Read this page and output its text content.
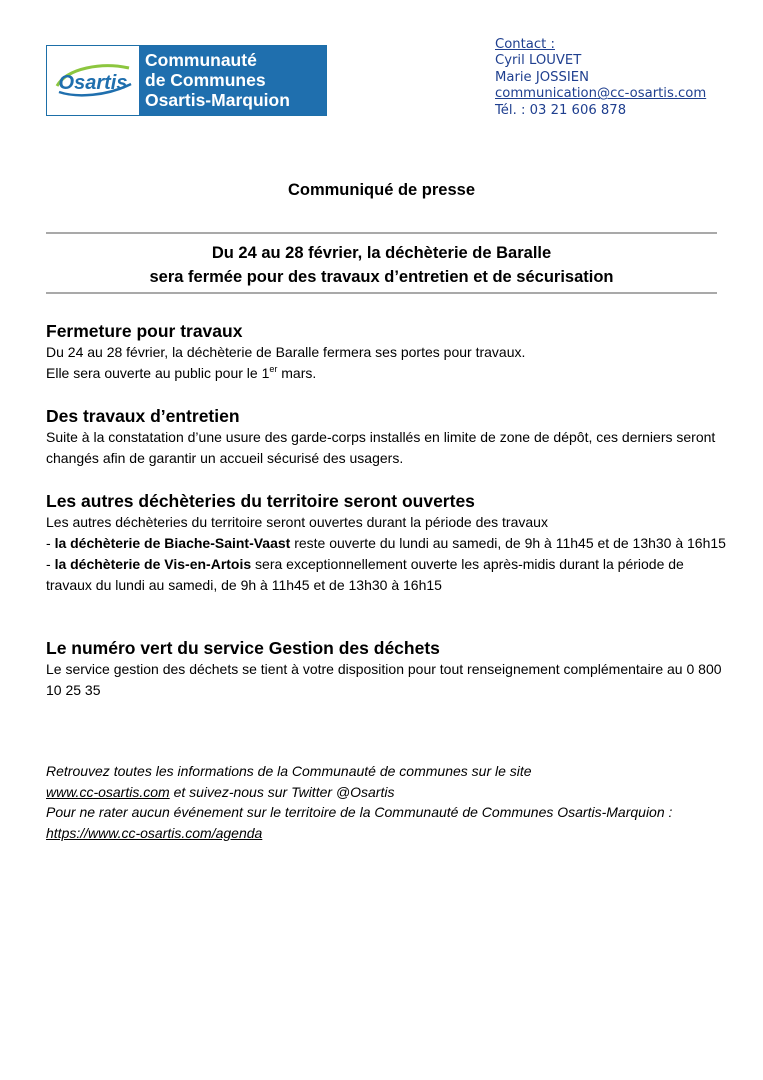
Osartis
Communauté
de Communes
Osartis-Marquion
Contact :
Cyril LOUVET
Marie JOSSIEN
communication@cc-osartis.com
Tél. : 03 21 606 878
Communiqué de presse
Du 24 au 28 février, la déchèterie de Baralle
sera fermée pour des travaux d’entretien et de sécurisation
Fermeture pour travaux

Du 24 au 28 février, la déchèterie de Baralle fermera ses portes pour travaux.

Elle sera ouverte au public pour le 1er mars.

Des travaux d’entretien

Suite à la constatation d’une usure des garde-corps installés en limite de zone de dépôt, ces derniers seront changés afin de garantir un accueil sécurisé des usagers.

Les autres déchèteries du territoire seront ouvertes

Les autres déchèteries du territoire seront ouvertes durant la période des travaux

- la déchèterie de Biache-Saint-Vaast reste ouverte du lundi au samedi, de 9h à 11h45 et de 13h30 à 16h15

- la déchèterie de Vis-en-Artois sera exceptionnellement ouverte les après-midis durant la période de travaux du lundi au samedi, de 9h à 11h45 et de 13h30 à 16h15

Le numéro vert du service Gestion des déchets

Le service gestion des déchets se tient à votre disposition pour tout renseignement complémentaire au 0 800 10 25 35

Retrouvez toutes les informations de la Communauté de communes sur le site
www.cc-osartis.com et suivez-nous sur Twitter @Osartis
Pour ne rater aucun événement sur le territoire de la Communauté de Communes Osartis-Marquion : https://www.cc-osartis.com/agenda
